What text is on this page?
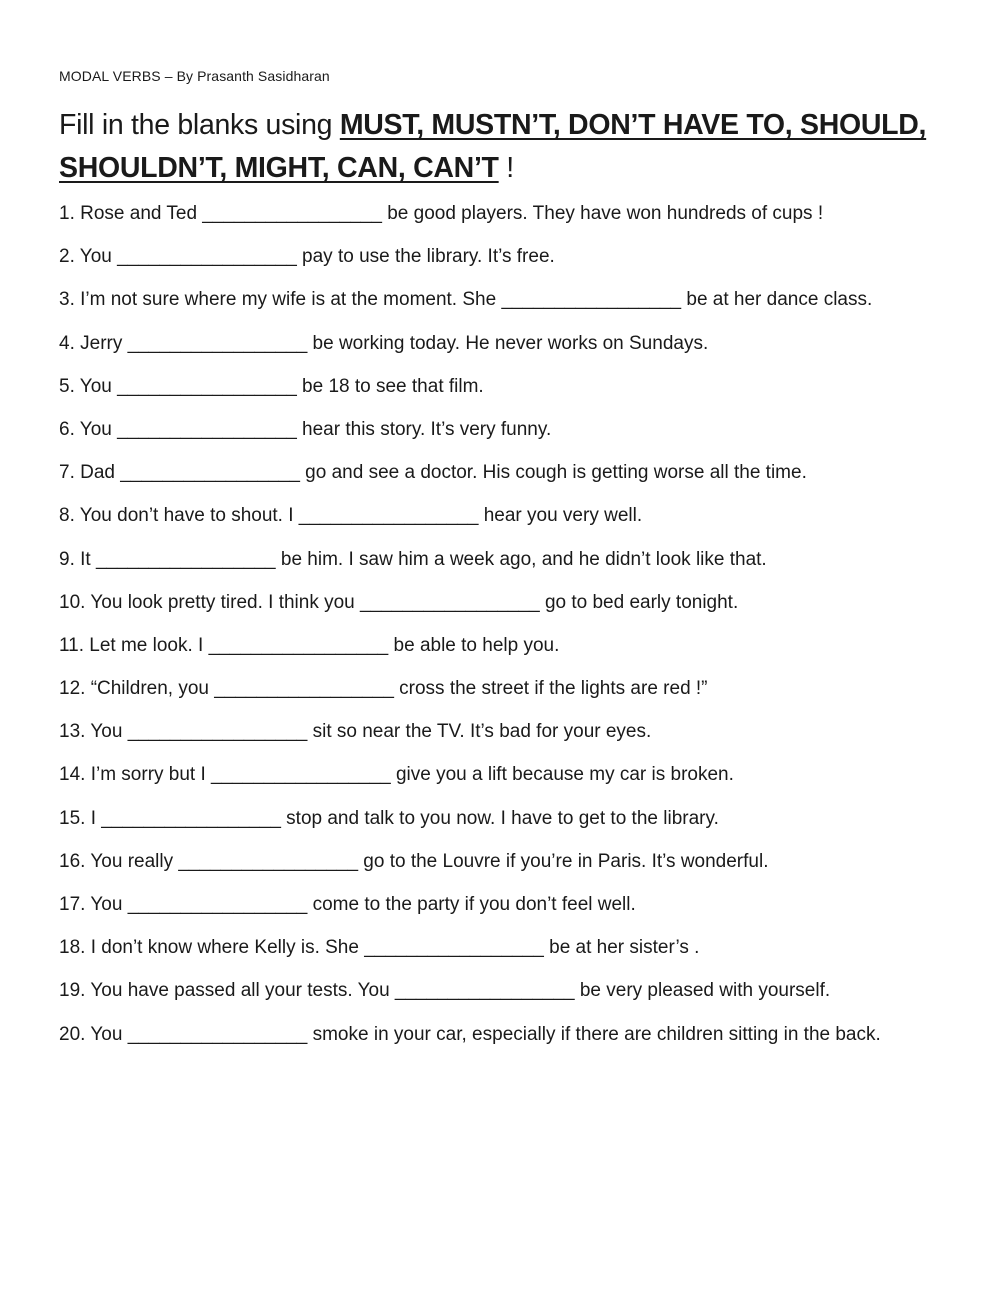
MODAL VERBS – By Prasanth Sasidharan
Fill in the blanks using MUST, MUSTN’T, DON’T HAVE TO, SHOULD, SHOULDN’T, MIGHT, CAN, CAN’T !
1. Rose and Ted _________________ be good players. They have won hundreds of cups !
2. You _________________ pay to use the library. It’s free.
3. I’m not sure where my wife is at the moment. She _________________ be at her dance class.
4. Jerry _________________ be working today. He never works on Sundays.
5. You _________________ be 18 to see that film.
6. You _________________ hear this story. It’s very funny.
7. Dad _________________ go and see a doctor. His cough is getting worse all the time.
8. You don’t have to shout. I _________________ hear you very well.
9. It _________________ be him. I saw him a week ago, and he didn’t look like that.
10. You look pretty tired. I think you _________________ go to bed early tonight.
11. Let me look. I _________________ be able to help you.
12. “Children, you _________________ cross the street if the lights are red !”
13. You _________________ sit so near the TV. It’s bad for your eyes.
14. I’m sorry but I _________________ give you a lift because my car is broken.
15. I _________________ stop and talk to you now. I have to get to the library.
16. You really _________________ go to the Louvre if you’re in Paris. It’s wonderful.
17. You _________________ come to the party if you don’t feel well.
18. I don’t know where Kelly is. She _________________ be at her sister’s .
19. You have passed all your tests. You _________________ be very pleased with yourself.
20. You _________________ smoke in your car, especially if there are children sitting in the back.
